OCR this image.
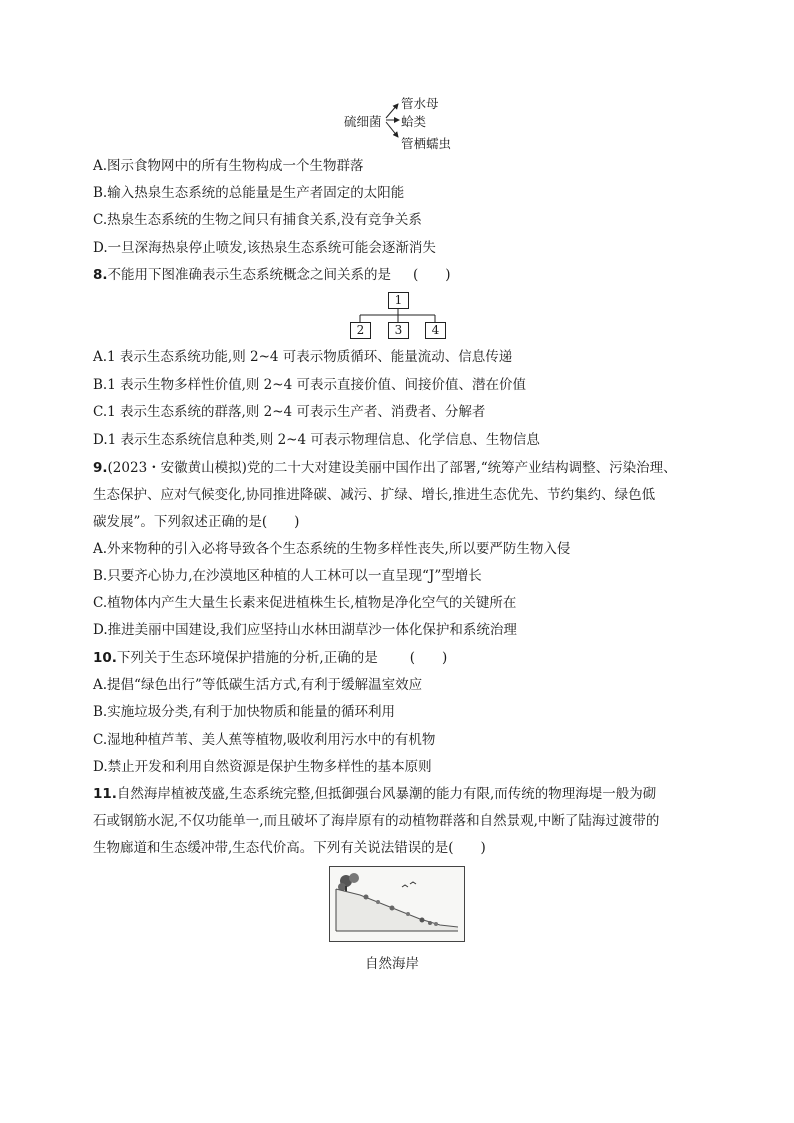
硫细菌
管水母
蛤类
管栖蠕虫
A.图示食物网中的所有生物构成一个生物群落
B.输入热泉生态系统的总能量是生产者固定的太阳能
C.热泉生态系统的生物之间只有捕食关系,没有竞争关系
D.一旦深海热泉停止喷发,该热泉生态系统可能会逐渐消失
8.不能用下图准确表示生态系统概念之间关系的是 (　　)
1
2	3	4
A.1 表示生态系统功能,则 2~4 可表示物质循环、能量流动、信息传递
B.1 表示生物多样性价值,则 2~4 可表示直接价值、间接价值、潜在价值
C.1 表示生态系统的群落,则 2~4 可表示生产者、消费者、分解者
D.1 表示生态系统信息种类,则 2~4 可表示物理信息、化学信息、生物信息
9.(2023・安徽黄山模拟)党的二十大对建设美丽中国作出了部署,“统筹产业结构调整、污染治理、
生态保护、应对气候变化,协同推进降碳、减污、扩绿、增长,推进生态优先、节约集约、绿色低
碳发展”。下列叙述正确的是(　　)
A.外来物种的引入必将导致各个生态系统的生物多样性丧失,所以要严防生物入侵
B.只要齐心协力,在沙漠地区种植的人工林可以一直呈现“J”型增长
C.植物体内产生大量生长素来促进植株生长,植物是净化空气的关键所在
D.推进美丽中国建设,我们应坚持山水林田湖草沙一体化保护和系统治理
10.下列关于生态环境保护措施的分析,正确的是 (　　)
A.提倡“绿色出行”等低碳生活方式,有利于缓解温室效应
B.实施垃圾分类,有利于加快物质和能量的循环利用
C.湿地种植芦苇、美人蕉等植物,吸收利用污水中的有机物
D.禁止开发和利用自然资源是保护生物多样性的基本原则
11.自然海岸植被茂盛,生态系统完整,但抵御强台风暴潮的能力有限,而传统的物理海堤一般为砌
石或钢筋水泥,不仅功能单一,而且破坏了海岸原有的动植物群落和自然景观,中断了陆海过渡带的
生物廊道和生态缓冲带,生态代价高。下列有关说法错误的是(　　)
自然海岸
